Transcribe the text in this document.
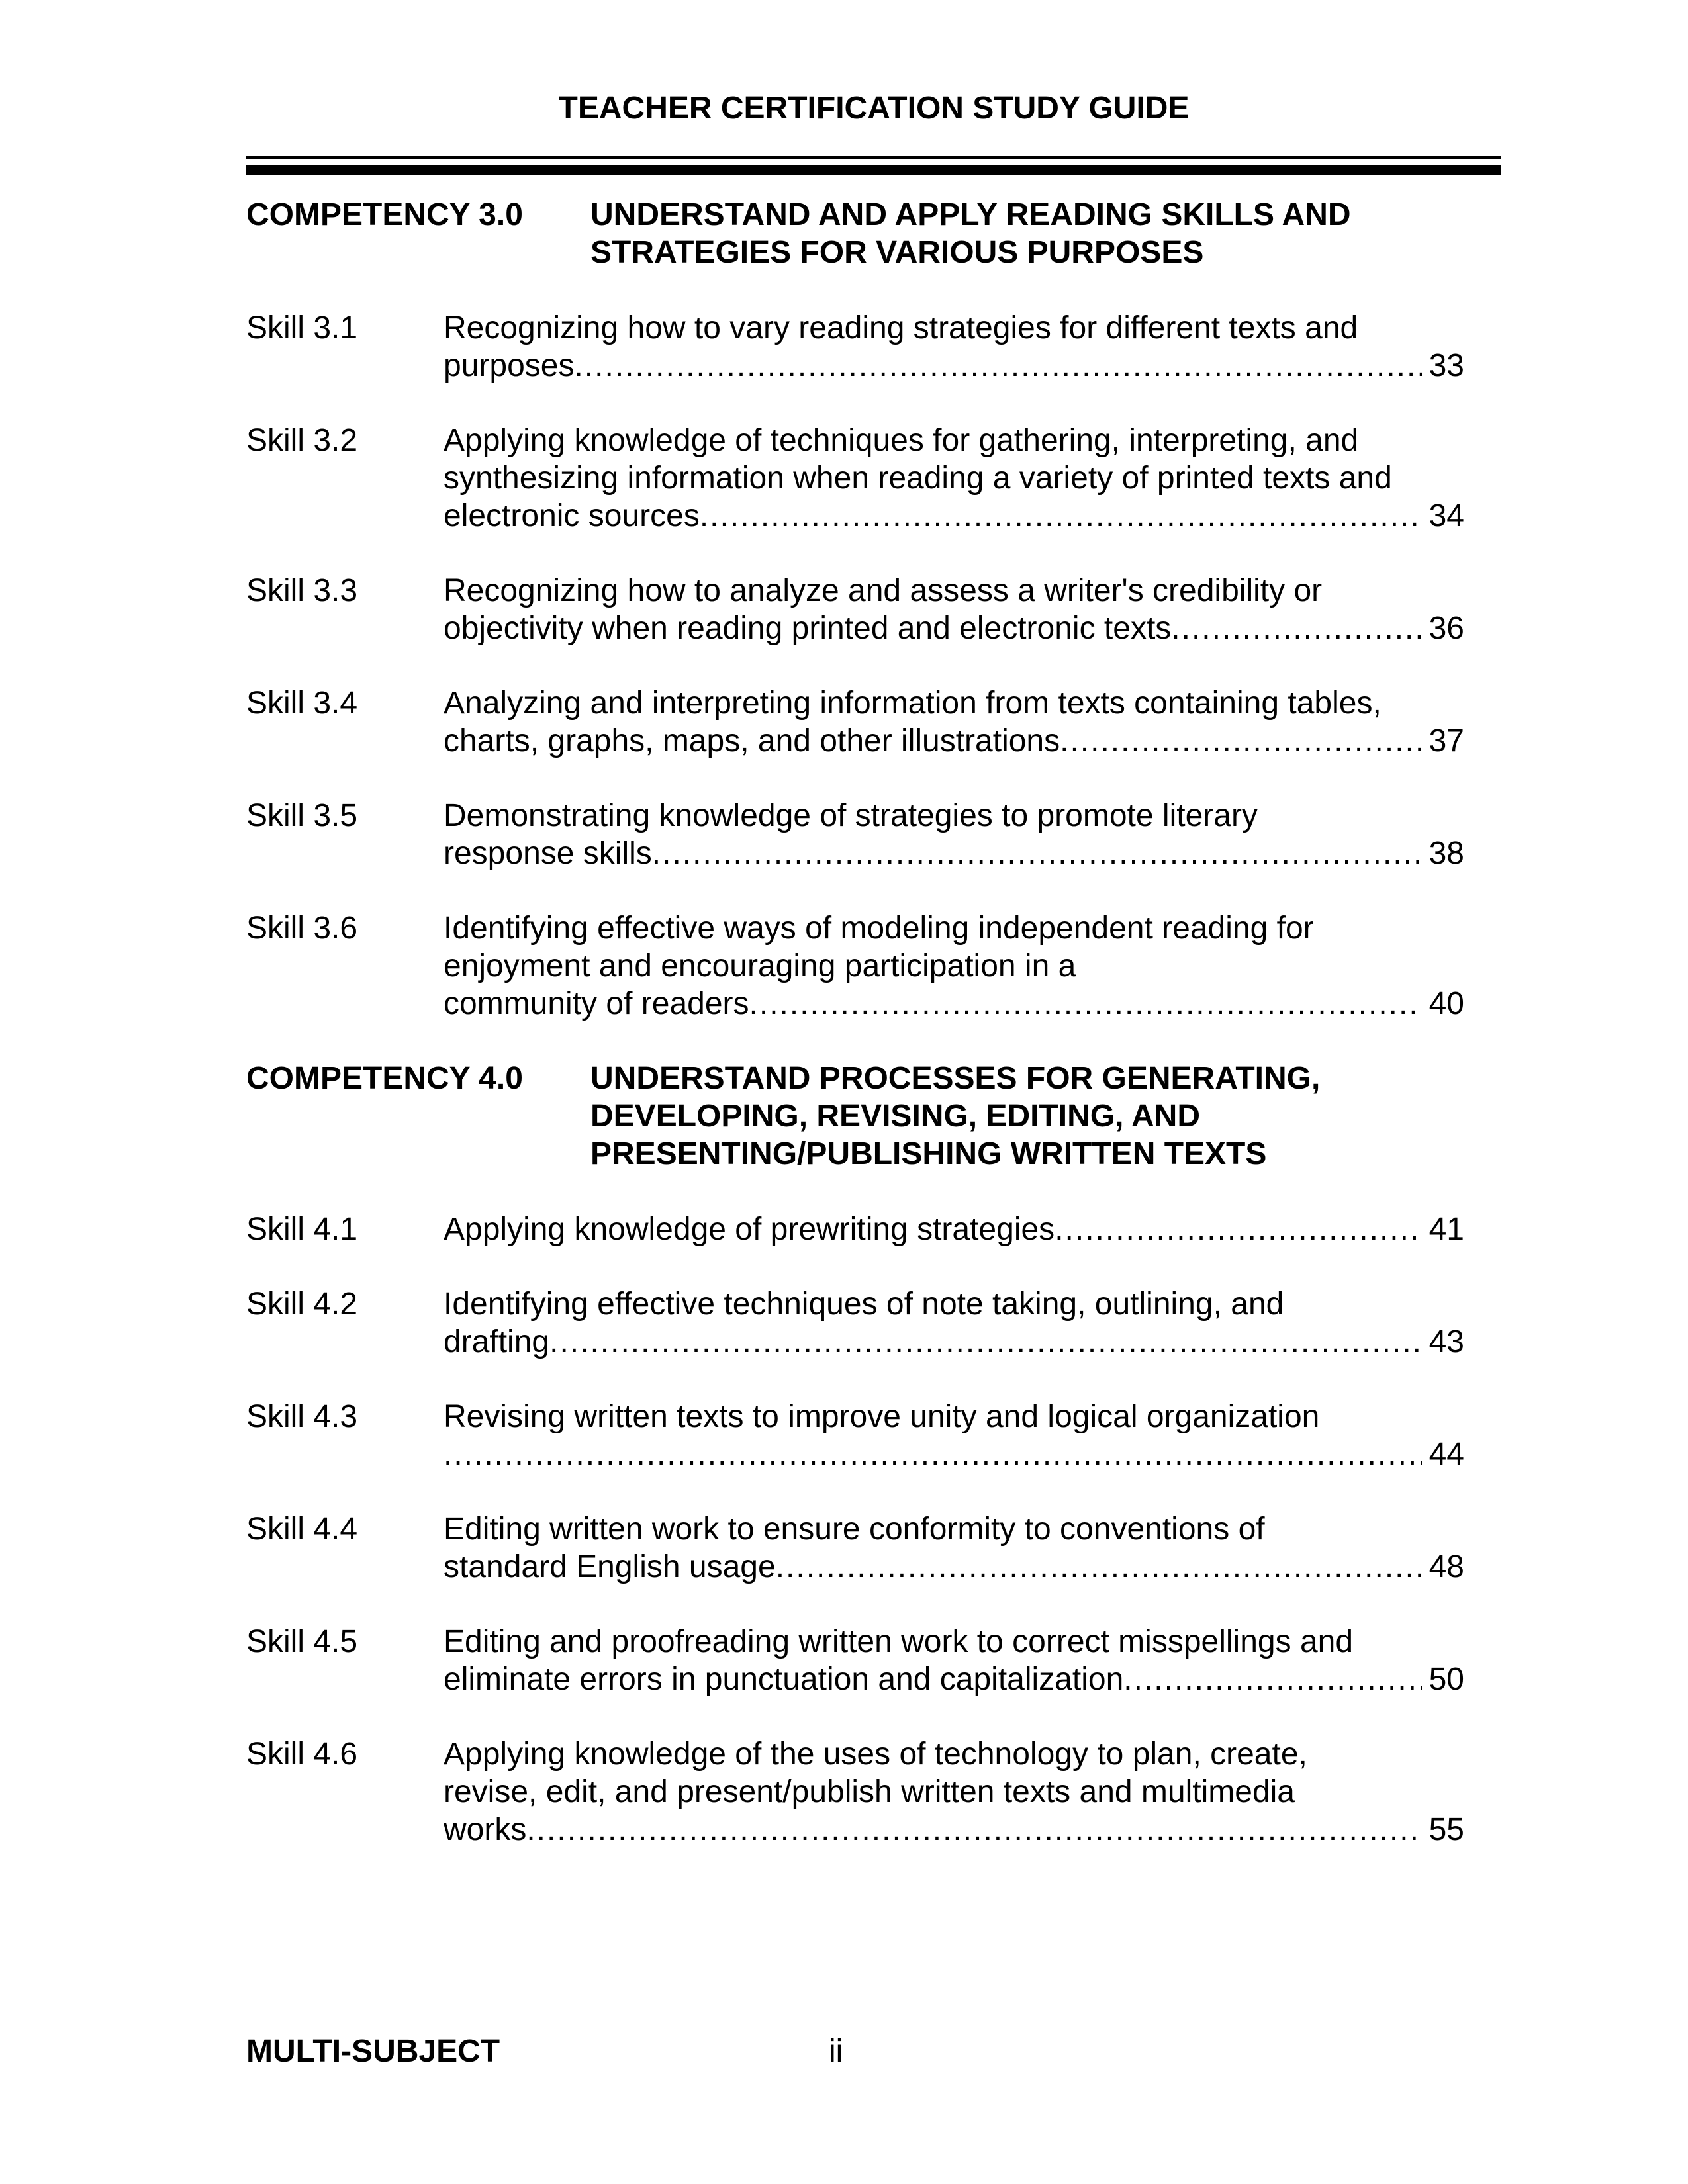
TEACHER CERTIFICATION STUDY GUIDE
COMPETENCY 3.0	UNDERSTAND AND APPLY READING SKILLS AND
STRATEGIES FOR VARIOUS PURPOSES
Skill 3.1	Recognizing how to vary reading strategies for different texts and
purposes .....	33
Skill 3.2	Applying knowledge of techniques for gathering, interpreting, and
synthesizing information when reading a variety of printed texts and
electronic sources .....	34
Skill 3.3	Recognizing how to analyze and assess a writer's credibility or
objectivity when reading printed and electronic texts .....	36
Skill 3.4	Analyzing and interpreting information from texts containing tables,
charts, graphs, maps, and other illustrations .....	37
Skill 3.5	Demonstrating knowledge of strategies to promote literary
response skills .....	38
Skill 3.6	Identifying effective ways of modeling independent reading for
enjoyment and encouraging participation in a
community of readers .....	40
COMPETENCY 4.0	UNDERSTAND PROCESSES FOR GENERATING,
DEVELOPING, REVISING, EDITING, AND
PRESENTING/PUBLISHING WRITTEN TEXTS
Skill 4.1	Applying knowledge of prewriting strategies .....	41
Skill 4.2	Identifying effective techniques of note taking, outlining, and
drafting .....	43
Skill 4.3	Revising written texts to improve unity and logical organization
.....
44
Skill 4.4	Editing written work to ensure conformity to conventions of
standard English usage .....	48
Skill 4.5	Editing and proofreading written work to correct misspellings and
eliminate errors in punctuation and capitalization .....	50
Skill 4.6	Applying knowledge of the uses of technology to plan, create,
revise, edit, and present/publish written texts and multimedia
works .....	55
MULTI-SUBJECT	ii
